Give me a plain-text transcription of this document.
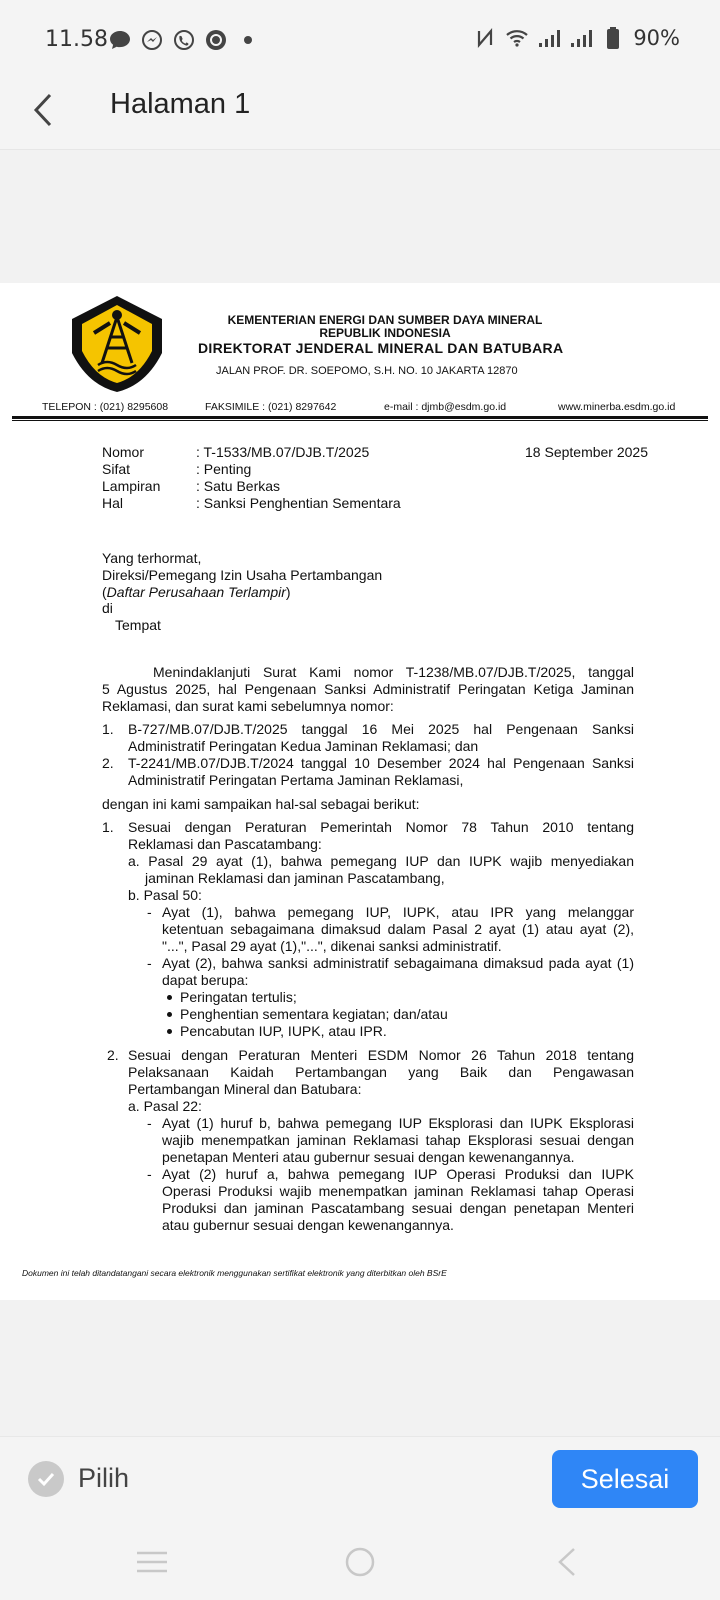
11.58	90%
Halaman 1
KEMENTERIAN ENERGI DAN SUMBER DAYA MINERAL
REPUBLIK INDONESIA
DIREKTORAT JENDERAL MINERAL DAN BATUBARA
JALAN PROF. DR. SOEPOMO, S.H. NO. 10 JAKARTA 12870
TELEPON : (021) 8295608	FAKSIMILE : (021) 8297642	e-mail : djmb@esdm.go.id	www.minerba.esdm.go.id
Nomor	: T-1533/MB.07/DJB.T/2025
Sifat	: Penting
Lampiran	: Satu Berkas
Hal	: Sanksi Penghentian Sementara
18 September 2025
Yang terhormat,
Direksi/Pemegang Izin Usaha Pertambangan
(Daftar Perusahaan Terlampir)
di
Tempat
Menindaklanjuti Surat Kami nomor T-1238/MB.07/DJB.T/2025, tanggal
5 Agustus 2025, hal Pengenaan Sanksi Administratif Peringatan Ketiga Jaminan
Reklamasi, dan surat kami sebelumnya nomor:
1. B-727/MB.07/DJB.T/2025 tanggal 16 Mei 2025 hal Pengenaan Sanksi
Administratif Peringatan Kedua Jaminan Reklamasi; dan
2. T-2241/MB.07/DJB.T/2024 tanggal 10 Desember 2024 hal Pengenaan Sanksi
Administratif Peringatan Pertama Jaminan Reklamasi,
dengan ini kami sampaikan hal-sal sebagai berikut:
1. Sesuai dengan Peraturan Pemerintah Nomor 78 Tahun 2010 tentang
Reklamasi dan Pascatambang:
a. Pasal 29 ayat (1), bahwa pemegang IUP dan IUPK wajib menyediakan
jaminan Reklamasi dan jaminan Pascatambang,
b. Pasal 50:
- Ayat (1), bahwa pemegang IUP, IUPK, atau IPR yang melanggar
ketentuan sebagaimana dimaksud dalam Pasal 2 ayat (1) atau ayat (2),
"...", Pasal 29 ayat (1),"...", dikenai sanksi administratif.
- Ayat (2), bahwa sanksi administratif sebagaimana dimaksud pada ayat (1)
dapat berupa:
Peringatan tertulis;
Penghentian sementara kegiatan; dan/atau
Pencabutan IUP, IUPK, atau IPR.
2. Sesuai dengan Peraturan Menteri ESDM Nomor 26 Tahun 2018 tentang
Pelaksanaan Kaidah Pertambangan yang Baik dan Pengawasan
Pertambangan Mineral dan Batubara:
a. Pasal 22:
- Ayat (1) huruf b, bahwa pemegang IUP Eksplorasi dan IUPK Eksplorasi
wajib menempatkan jaminan Reklamasi tahap Eksplorasi sesuai dengan
penetapan Menteri atau gubernur sesuai dengan kewenangannya.
- Ayat (2) huruf a, bahwa pemegang IUP Operasi Produksi dan IUPK
Operasi Produksi wajib menempatkan jaminan Reklamasi tahap Operasi
Produksi dan jaminan Pascatambang sesuai dengan penetapan Menteri
atau gubernur sesuai dengan kewenangannya.
Dokumen ini telah ditandatangani secara elektronik menggunakan sertifikat elektronik yang diterbitkan oleh BSrE
Pilih	Selesai
